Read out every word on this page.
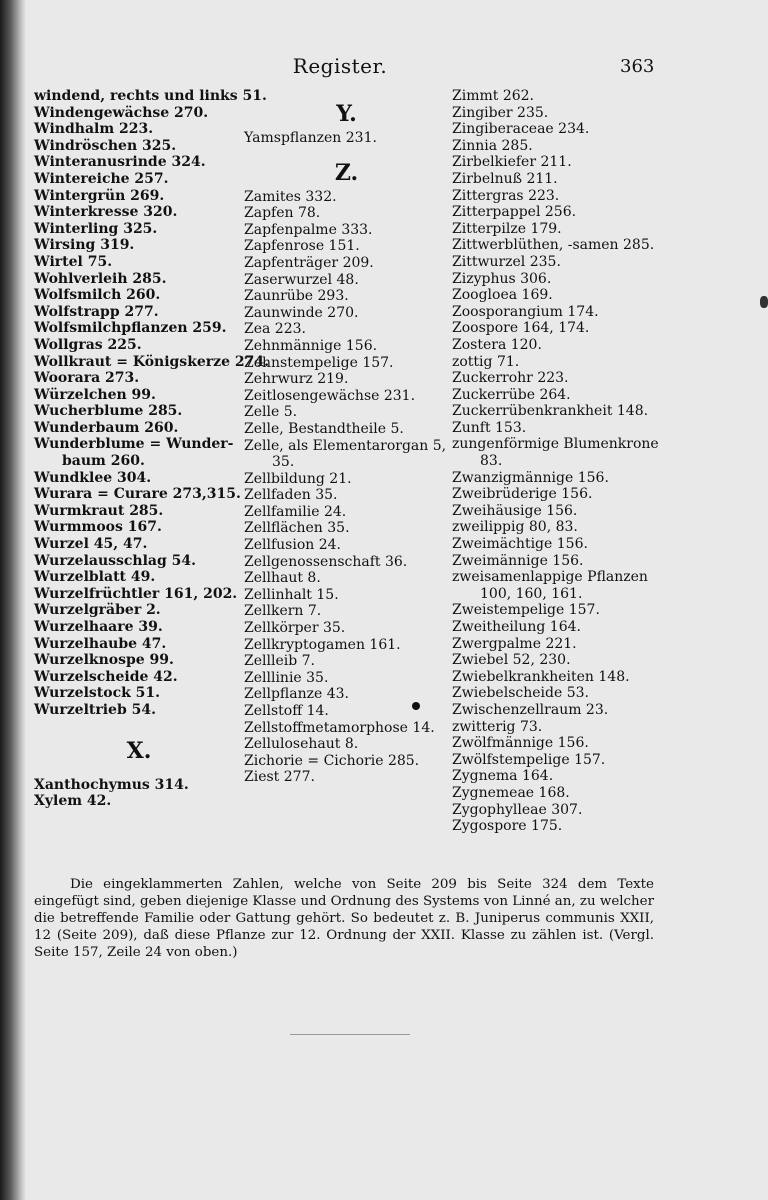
Register.	363
windend, rechts und links 51.
Windengewächse 270.
Windhalm 223.
Windröschen 325.
Winteranusrinde 324.
Wintereiche 257.
Wintergrün 269.
Winterkresse 320.
Winterling 325.
Wirsing 319.
Wirtel 75.
Wohlverleih 285.
Wolfsmilch 260.
Wolfstrapp 277.
Wolfsmilchpflanzen 259.
Wollgras 225.
Wollkraut = Königskerze 274.
Woorara 273.
Würzelchen 99.
Wucherblume 285.
Wunderbaum 260.
Wunderblume = Wunder-
baum 260.
Wundklee 304.
Wurara = Curare 273,315.
Wurmkraut 285.
Wurmmoos 167.
Wurzel 45, 47.
Wurzelausschlag 54.
Wurzelblatt 49.
Wurzelfrüchtler 161, 202.
Wurzelgräber 2.
Wurzelhaare 39.
Wurzelhaube 47.
Wurzelknospe 99.
Wurzelscheide 42.
Wurzelstock 51.
Wurzeltrieb 54.
X.
Xanthochymus 314.
Xylem 42.
Y.
Yamspflanzen 231.
Z.
Zamites 332.
Zapfen 78.
Zapfenpalme 333.
Zapfenrose 151.
Zapfenträger 209.
Zaserwurzel 48.
Zaunrübe 293.
Zaunwinde 270.
Zea 223.
Zehnmännige 156.
Zehnstempelige 157.
Zehrwurz 219.
Zeitlosengewächse 231.
Zelle 5.
Zelle, Bestandtheile 5.
Zelle, als Elementarorgan 5,
35.
Zellbildung 21.
Zellfaden 35.
Zellfamilie 24.
Zellflächen 35.
Zellfusion 24.
Zellgenossenschaft 36.
Zellhaut 8.
Zellinhalt 15.
Zellkern 7.
Zellkörper 35.
Zellkryptogamen 161.
Zellleib 7.
Zelllinie 35.
Zellpflanze 43.
Zellstoff 14.
Zellstoffmetamorphose 14.
Zellulosehaut 8.
Zichorie = Cichorie 285.
Ziest 277.
Zimmt 262.
Zingiber 235.
Zingiberaceae 234.
Zinnia 285.
Zirbelkiefer 211.
Zirbelnuß 211.
Zittergras 223.
Zitterpappel 256.
Zitterpilze 179.
Zittwerblüthen, -samen 285.
Zittwurzel 235.
Zizyphus 306.
Zoogloea 169.
Zoosporangium 174.
Zoospore 164, 174.
Zostera 120.
zottig 71.
Zuckerrohr 223.
Zuckerrübe 264.
Zuckerrübenkrankheit 148.
Zunft 153.
zungenförmige Blumenkrone
83.
Zwanzigmännige 156.
Zweibrüderige 156.
Zweihäusige 156.
zweilippig 80, 83.
Zweimächtige 156.
Zweimännige 156.
zweisamenlappige Pflanzen
100, 160, 161.
Zweistempelige 157.
Zweitheilung 164.
Zwergpalme 221.
Zwiebel 52, 230.
Zwiebelkrankheiten 148.
Zwiebelscheide 53.
Zwischenzellraum 23.
zwitterig 73.
Zwölfmännige 156.
Zwölfstempelige 157.
Zygnema 164.
Zygnemeae 168.
Zygophylleae 307.
Zygospore 175.
Die eingeklammerten Zahlen, welche von Seite 209 bis Seite 324 dem Texte eingefügt sind, geben diejenige Klasse und Ordnung des Systems von Linné an, zu welcher die betreffende Familie oder Gattung gehört. So bedeutet z. B. Juniperus communis XXII, 12 (Seite 209), daß diese Pflanze zur 12. Ordnung der XXII. Klasse zu zählen ist. (Vergl. Seite 157, Zeile 24 von oben.)
